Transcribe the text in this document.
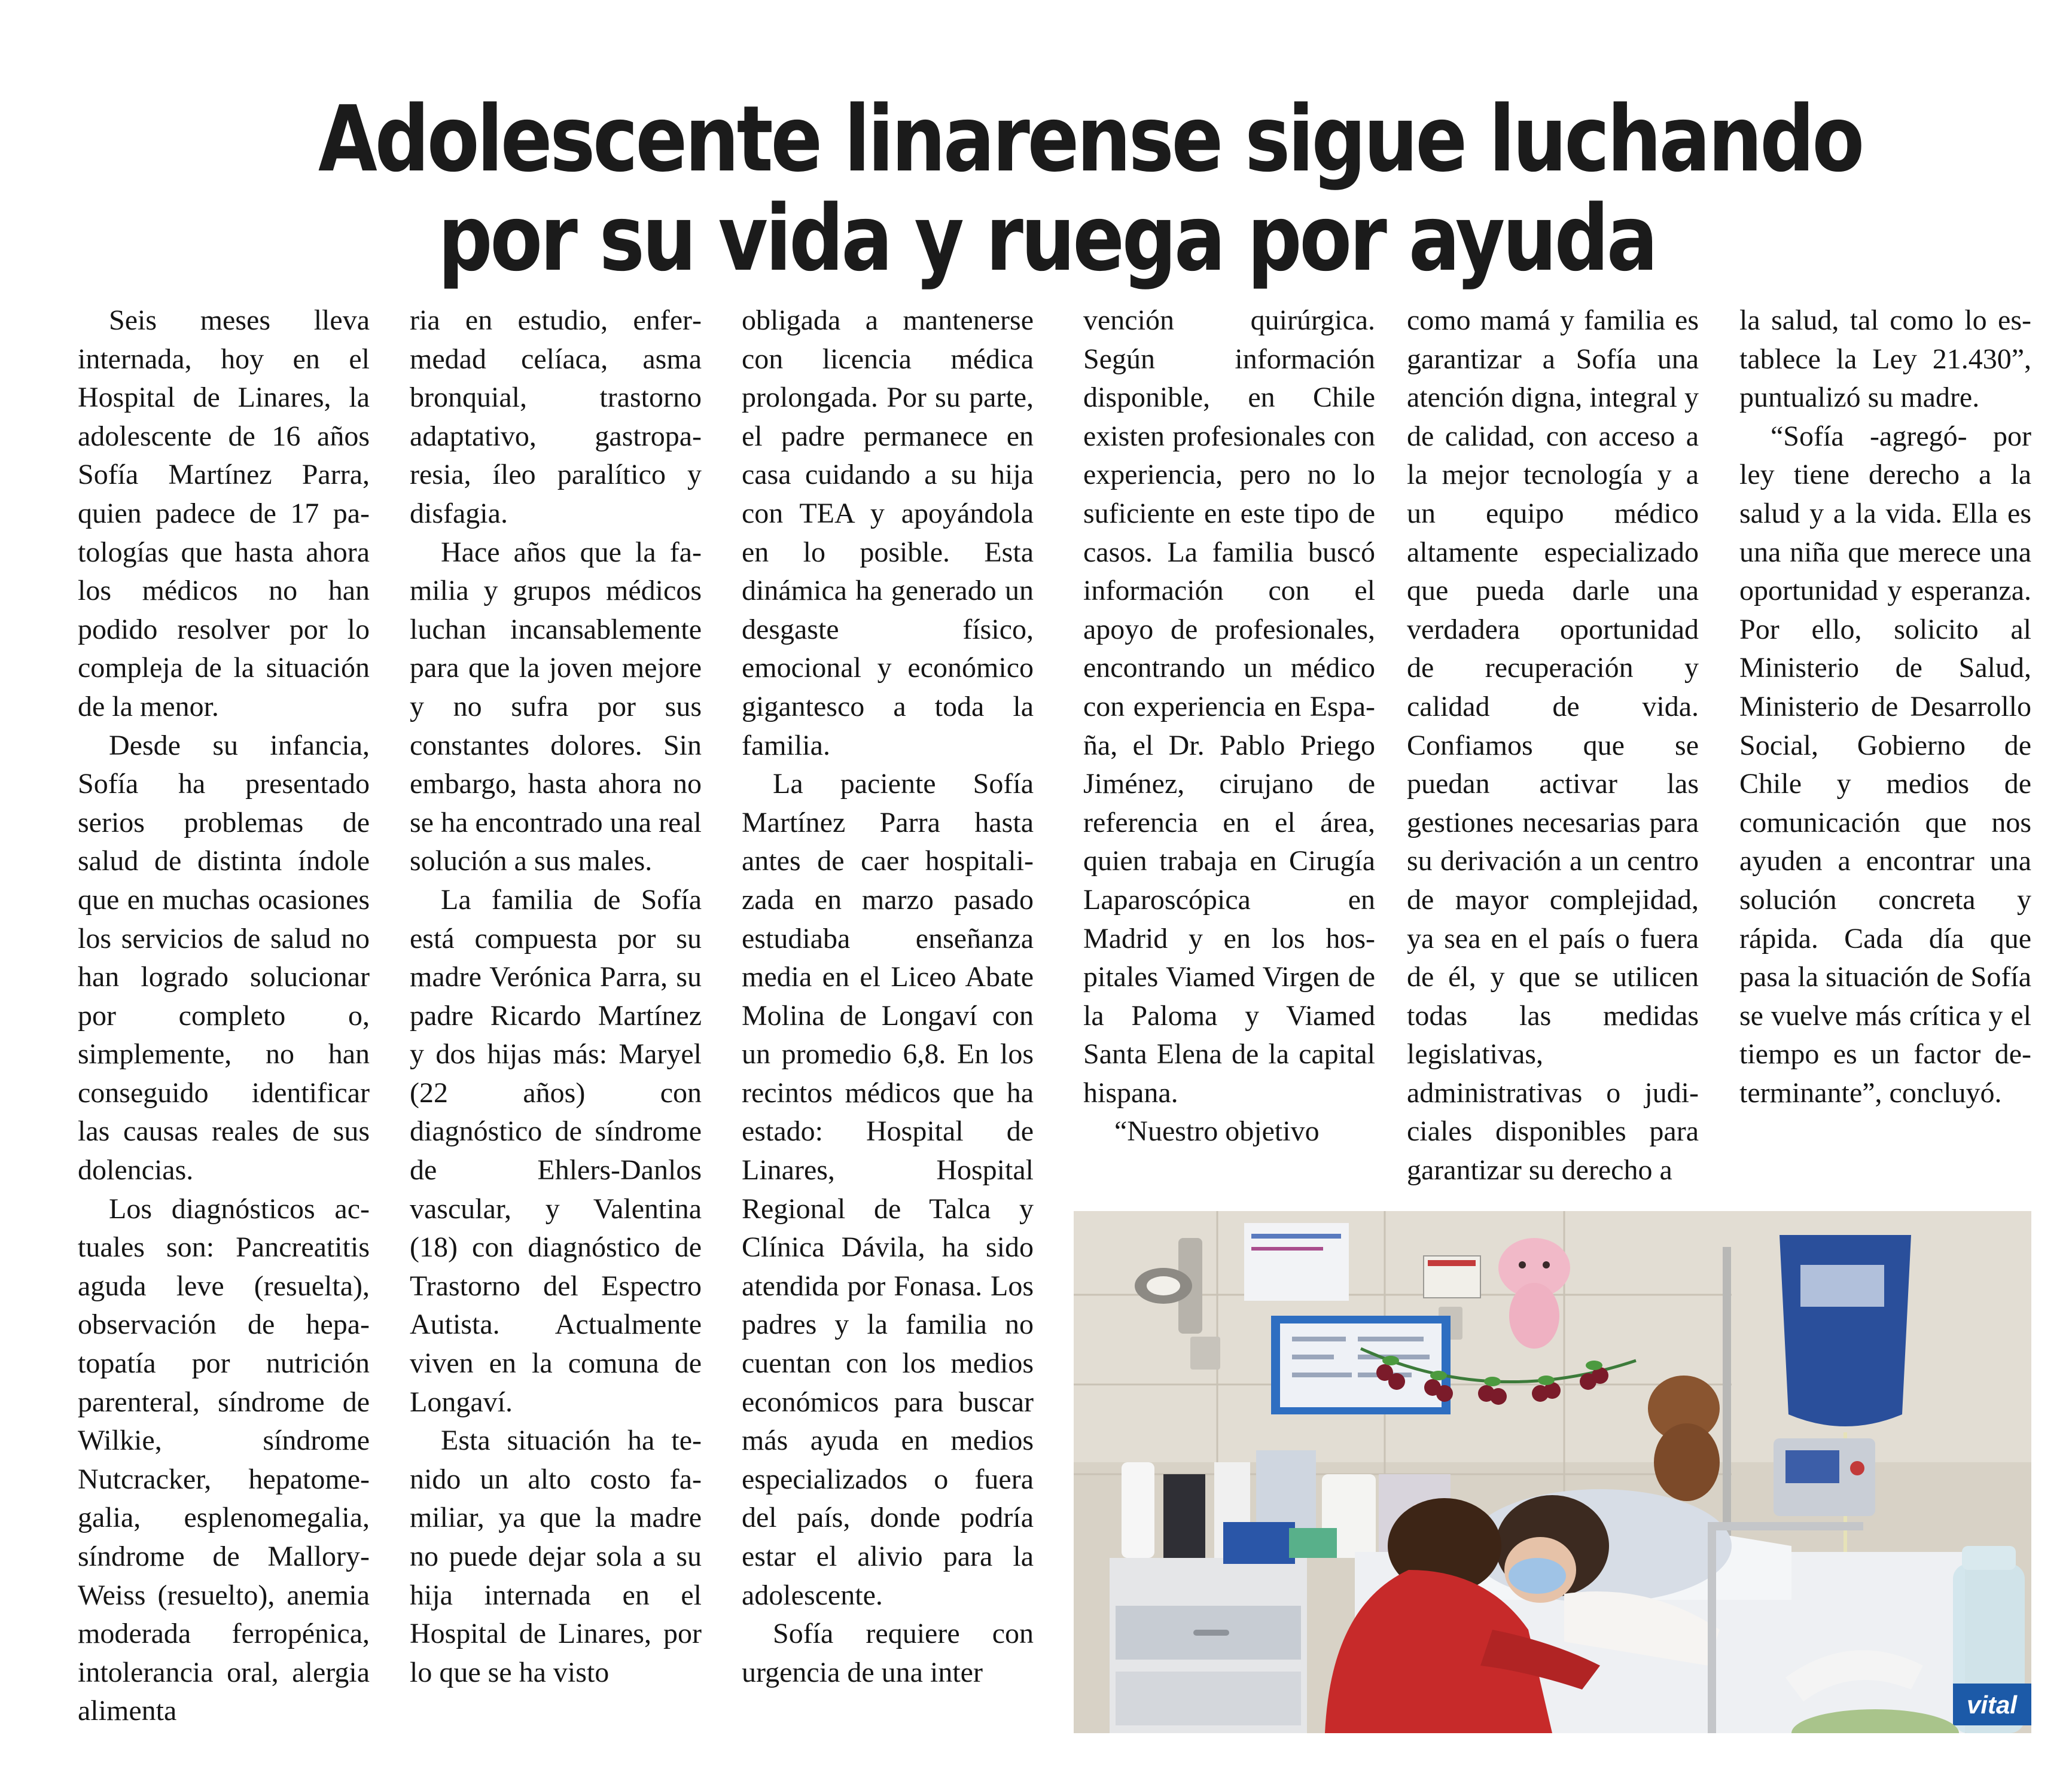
Adolescente linarense sigue luchando
por su vida y ruega por ayuda

Seis meses lleva internada, hoy en el Hospital de Linares, la adolescente de 16 años Sofía Martínez Parra, quien padece de 17 patologías que hasta ahora los médicos no han podido resolver por lo compleja de la situación de la menor.

Desde su infancia, Sofía ha presentado serios problemas de salud de distinta índole que en muchas ocasiones los servicios de salud no han logrado solucionar por completo o, simplemente, no han conseguido identificar las causas reales de sus dolencias.

Los diagnósticos actuales son: Pancreatitis aguda leve (resuelta), observación de hepatopatía por nutrición parenteral, síndrome de Wilkie, síndrome Nutcracker, hepatomegalia, esplenomegalia, síndrome de Mallory-Weiss (resuelto), anemia moderada ferropénica, intolerancia oral, alergia alimenta

ria en estudio, enfermedad celíaca, asma bronquial, trastorno adaptativo, gastroparesia, íleo paralítico y disfagia.

Hace años que la familia y grupos médicos luchan incansablemente para que la joven mejore y no sufra por sus constantes dolores. Sin embargo, hasta ahora no se ha encontrado una real solución a sus males.

La familia de Sofía está compuesta por su madre Verónica Parra, su padre Ricardo Martínez y dos hijas más: Maryel (22 años) con diagnóstico de síndrome de Ehlers-Danlos vascular, y Valentina (18) con diagnóstico de Trastorno del Espectro Autista. Actualmente viven en la comuna de Longaví.

Esta situación ha tenido un alto costo familiar, ya que la madre no puede dejar sola a su hija internada en el Hospital de Linares, por lo que se ha visto

obligada a mantenerse con licencia médica prolongada. Por su parte, el padre permanece en casa cuidando a su hija con TEA y apoyándola en lo posible. Esta dinámica ha generado un desgaste físico, emocional y económico gigantesco a toda la familia.

La paciente Sofía Martínez Parra hasta antes de caer hospitalizada en marzo pasado estudiaba enseñanza media en el Liceo Abate Molina de Longaví con un promedio 6,8. En los recintos médicos que ha estado: Hospital de Linares, Hospital Regional de Talca y Clínica Dávila, ha sido atendida por Fonasa. Los padres y la familia no cuentan con los medios económicos para buscar más ayuda en medios especializados o fuera del país, donde podría estar el alivio para la adolescente.

Sofía requiere con urgencia de una inter

vención quirúrgica. Según información disponible, en Chile existen profesionales con experiencia, pero no lo suficiente en este tipo de casos. La familia buscó información con el apoyo de profesionales, encontrando un médico con experiencia en España, el Dr. Pablo Priego Jiménez, cirujano de referencia en el área, quien trabaja en Cirugía Laparoscópica en Madrid y en los hospitales Viamed Virgen de la Paloma y Viamed Santa Elena de la capital hispana.

“Nuestro objetivo

como mamá y familia es garantizar a Sofía una atención digna, integral y de calidad, con acceso a la mejor tecnología y a un equipo médico altamente especializado que pueda darle una verdadera oportunidad de recuperación y calidad de vida. Confiamos que se puedan activar las gestiones necesarias para su derivación a un centro de mayor complejidad, ya sea en el país o fuera de él, y que se utilicen todas las medidas legislativas, administrativas o judiciales disponibles para garantizar su derecho a

la salud, tal como lo establece la Ley 21.430”, puntualizó su madre.

“Sofía -agregó- por ley tiene derecho a la salud y a la vida. Ella es una niña que merece una oportunidad y esperanza. Por ello, solicito al Ministerio de Salud, Ministerio de Desarrollo Social, Gobierno de Chile y medios de comunicación que nos ayuden a encontrar una solución concreta y rápida. Cada día que pasa la situación de Sofía se vuelve más crítica y el tiempo es un factor determinante”, concluyó.

vital
